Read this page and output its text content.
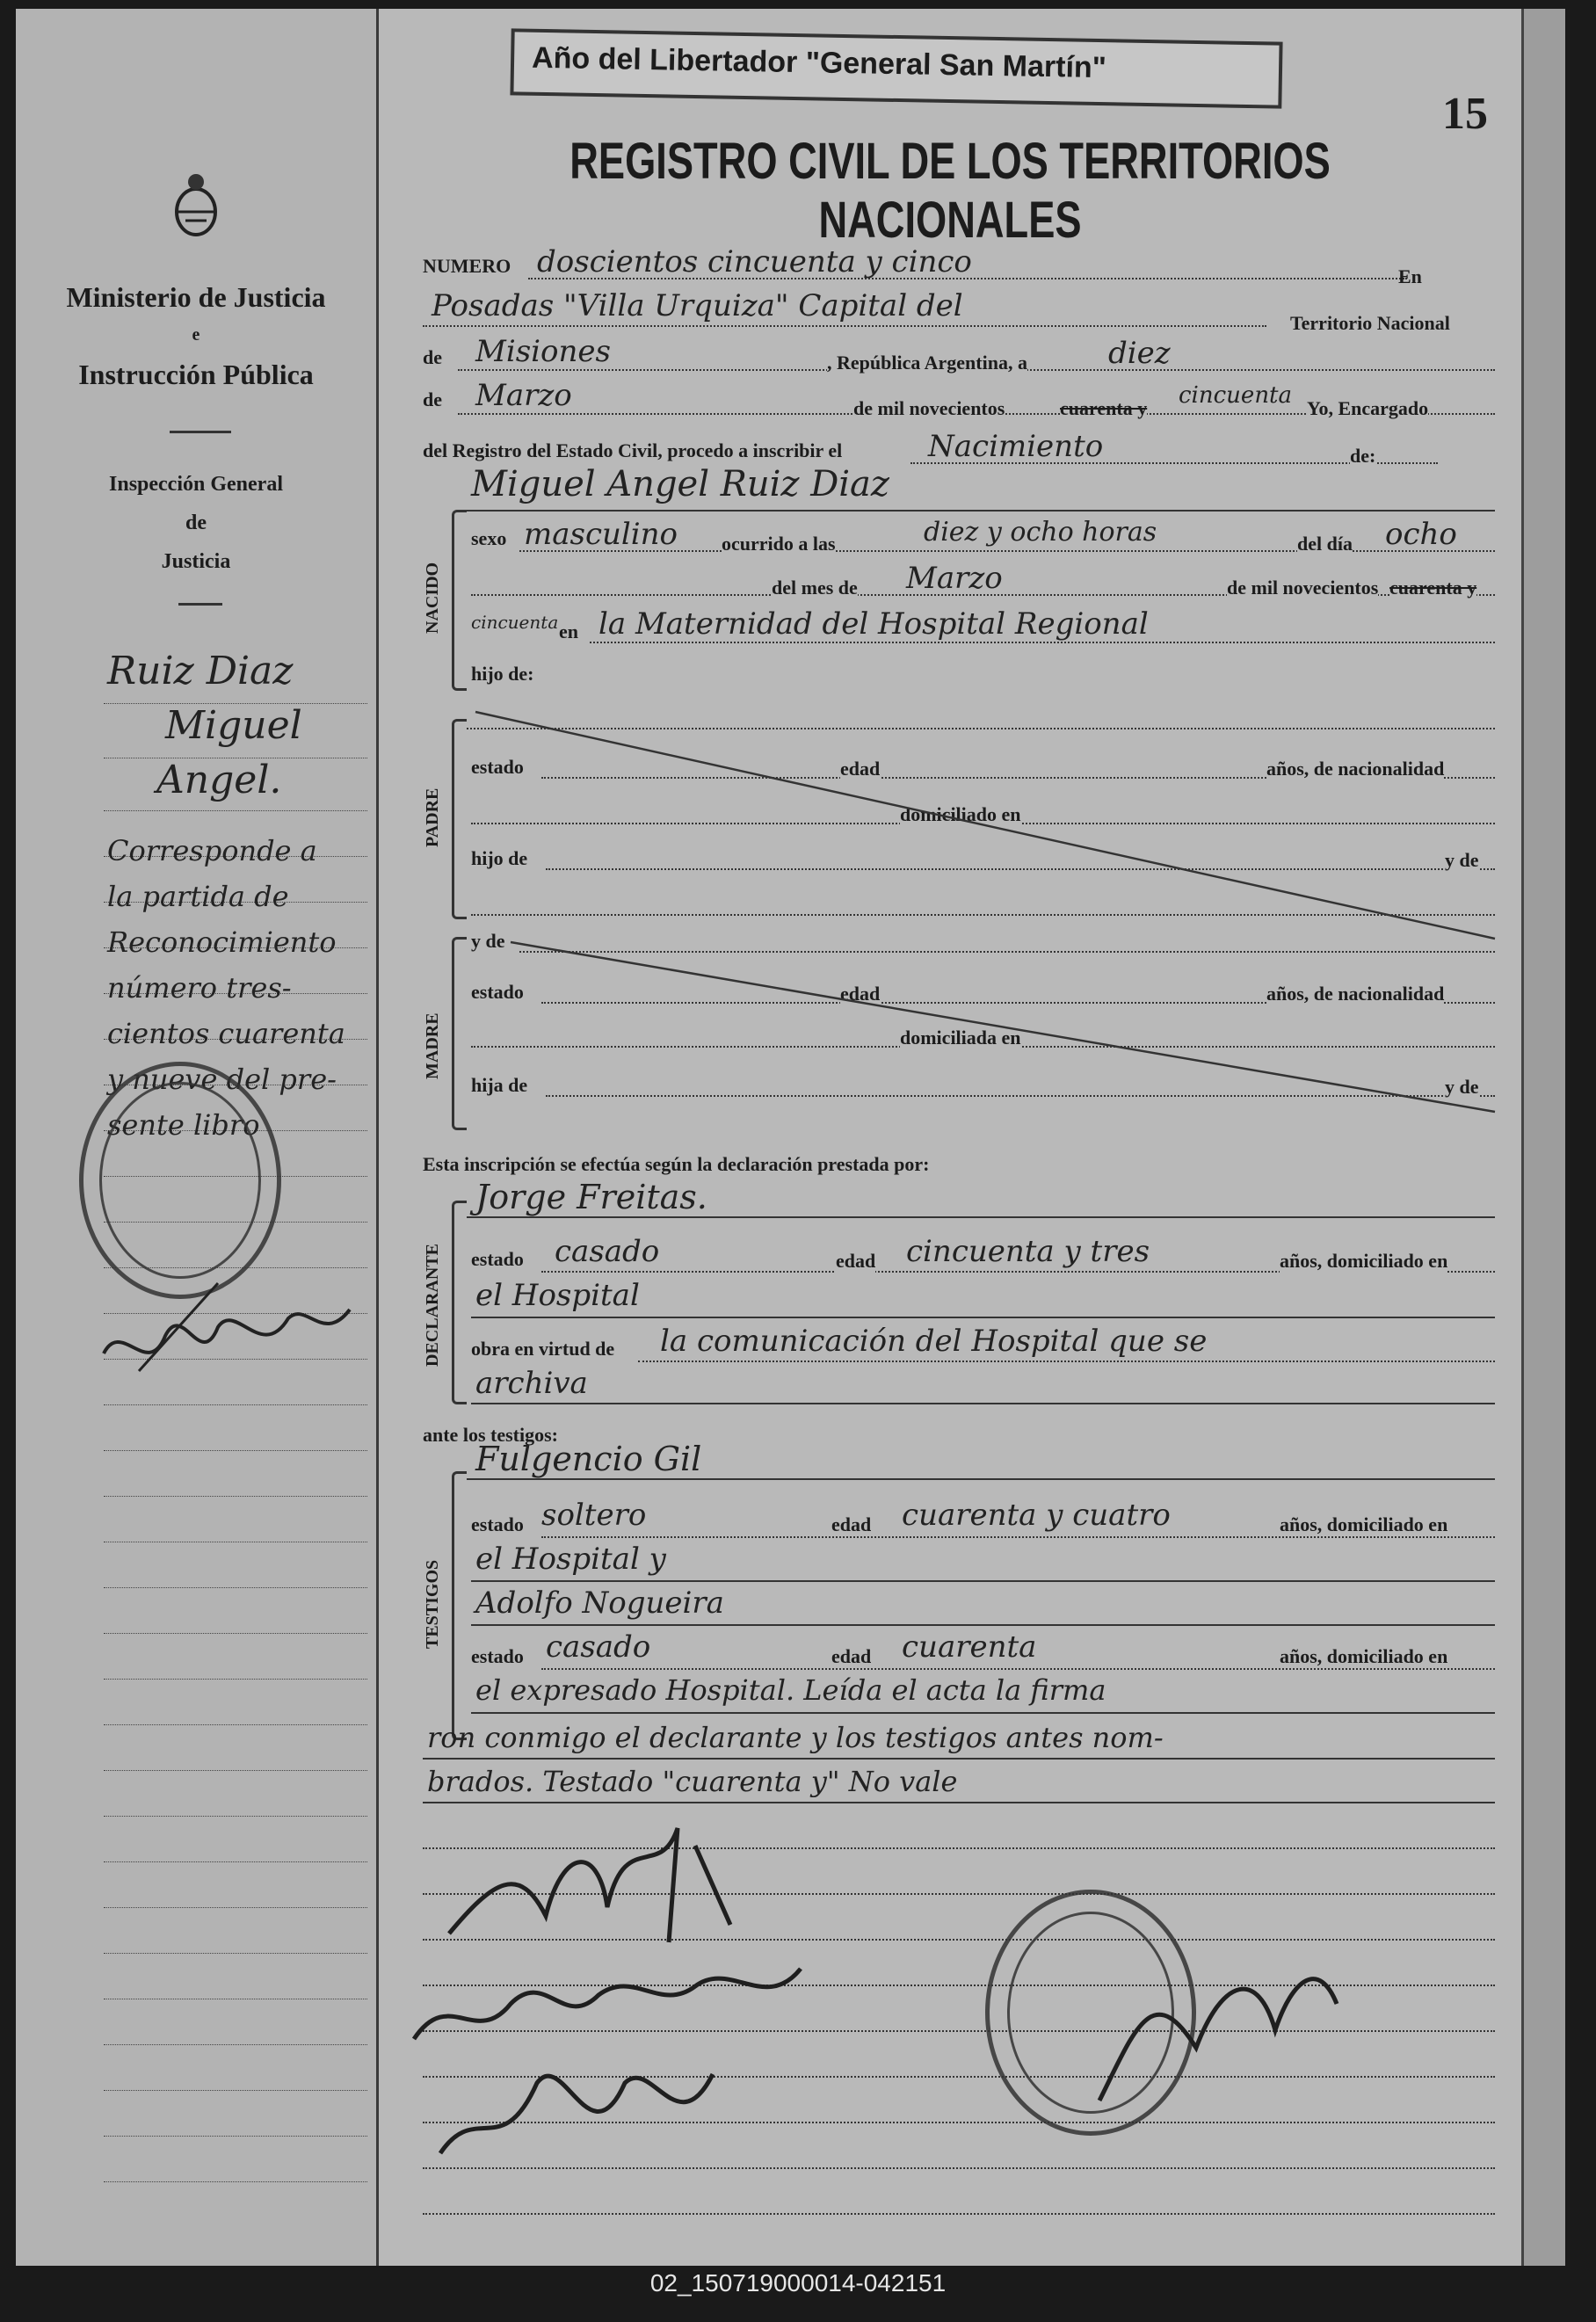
Ministerio de Justicia
e
Instrucción Pública
Inspección General
de
Justicia
Ruiz Diaz
Miguel
Angel.
Corresponde a
la partida de
Reconocimiento
número tres-
cientos cuarenta
y nueve del pre-
sente libro
Año del Libertador "General San Martín"
15
REGISTRO CIVIL DE LOS TERRITORIOS NACIONALES
NUMERO doscientos cincuenta y cinco	En
Posadas "Villa Urquiza" Capital del	Territorio Nacional
de Misiones	, República Argentina, a	diez
de Marzo	de mil novecientos	cuarenta y cincuenta Yo, Encargado
del Registro del Estado Civil, procedo a inscribir el	Nacimiento	de:
NACIDO
Miguel Angel Ruiz Diaz
sexo masculino ocurrido a las	diez y ocho horas	del día ocho
del mes de Marzo	de mil novecientos cuarenta y
cincuenta en la Maternidad del Hospital Regional
hijo de:
PADRE
estado	edad	años, de nacionalidad
domiciliado en
hijo de	y de
MADRE
y de
estado	edad	años, de nacionalidad
domiciliada en
hija de	y de
Esta inscripción se efectúa según la declaración prestada por:
DECLARANTE
Jorge Freitas.
estado casado	edad cincuenta y tres	años, domiciliado en
el Hospital
obra en virtud de la comunicación del Hospital que se
archiva
ante los testigos:
TESTIGOS
Fulgencio Gil
estado soltero	edad cuarenta y cuatro	años, domiciliado en
el Hospital y
Adolfo Nogueira
estado casado	edad cuarenta	años, domiciliado en
el expresado Hospital. Leída el acta la firma
ron conmigo el declarante y los testigos antes nom-
brados. Testado "cuarenta y" No vale
02_150719000014-042151
